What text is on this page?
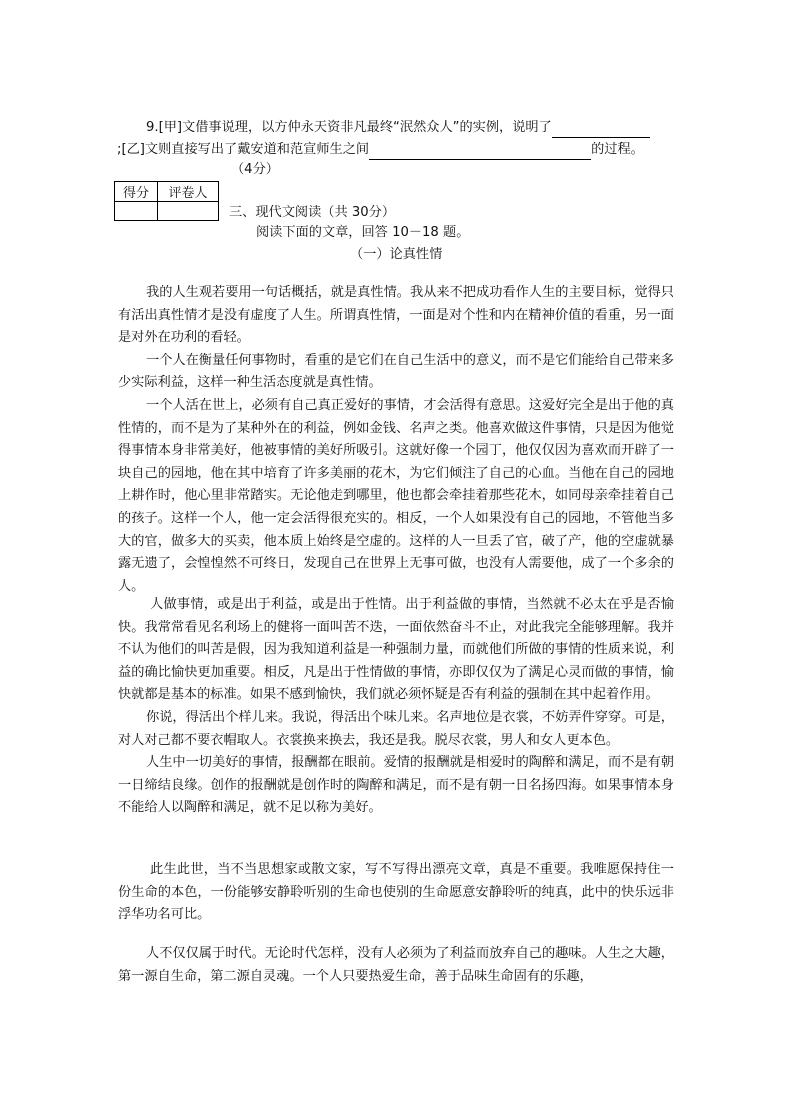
9.[甲]文借事说理，以方仲永天资非凡最终“泯然众人”的实例，说明了
;[乙]文则直接写出了戴安道和范宣师生之间	的过程。
（4分）
得分	评卷人

三、现代文阅读（共 30分）
阅读下面的文章，回答 10－18 题。
（一）论真性情

我的人生观若要用一句话概括，就是真性情。我从来不把成功看作人生的主要目标，觉得只有活出真性情才是没有虚度了人生。所谓真性情，一面是对个性和内在精神价值的看重，另一面是对外在功利的看轻。

一个人在衡量任何事物时，看重的是它们在自己生活中的意义，而不是它们能给自己带来多少实际利益，这样一种生活态度就是真性情。

一个人活在世上，必须有自己真正爱好的事情，才会活得有意思。这爱好完全是出于他的真性情的，而不是为了某种外在的利益，例如金钱、名声之类。他喜欢做这件事情，只是因为他觉得事情本身非常美好，他被事情的美好所吸引。这就好像一个园丁，他仅仅因为喜欢而开辟了一块自己的园地，他在其中培育了许多美丽的花木，为它们倾注了自己的心血。当他在自己的园地上耕作时，他心里非常踏实。无论他走到哪里，他也都会牵挂着那些花木，如同母亲牵挂着自己的孩子。这样一个人，他一定会活得很充实的。相反，一个人如果没有自己的园地，不管他当多大的官，做多大的买卖，他本质上始终是空虚的。这样的人一旦丢了官，破了产，他的空虚就暴露无遗了，会惶惶然不可终日，发现自己在世界上无事可做，也没有人需要他，成了一个多余的人。

人做事情，或是出于利益，或是出于性情。出于利益做的事情，当然就不必太在乎是否愉快。我常常看见名利场上的健将一面叫苦不迭，一面依然奋斗不止，对此我完全能够理解。我并不认为他们的叫苦是假，因为我知道利益是一种强制力量，而就他们所做的事情的性质来说，利益的确比愉快更加重要。相反，凡是出于性情做的事情，亦即仅仅为了满足心灵而做的事情，愉快就都是基本的标准。如果不感到愉快，我们就必须怀疑是否有利益的强制在其中起着作用。

你说，得活出个样儿来。我说，得活出个味儿来。名声地位是衣裳，不妨弄件穿穿。可是，对人对己都不要衣帽取人。衣裳换来换去，我还是我。脱尽衣裳，男人和女人更本色。

人生中一切美好的事情，报酬都在眼前。爱情的报酬就是相爱时的陶醉和满足，而不是有朝一日缔结良缘。创作的报酬就是创作时的陶醉和满足，而不是有朝一日名扬四海。如果事情本身不能给人以陶醉和满足，就不足以称为美好。

此生此世，当不当思想家或散文家，写不写得出漂亮文章，真是不重要。我唯愿保持住一份生命的本色，一份能够安静聆听别的生命也使别的生命愿意安静聆听的纯真，此中的快乐远非浮华功名可比。

人不仅仅属于时代。无论时代怎样，没有人必须为了利益而放弃自己的趣味。人生之大趣，第一源自生命，第二源自灵魂。一个人只要热爱生命，善于品味生命固有的乐趣，
